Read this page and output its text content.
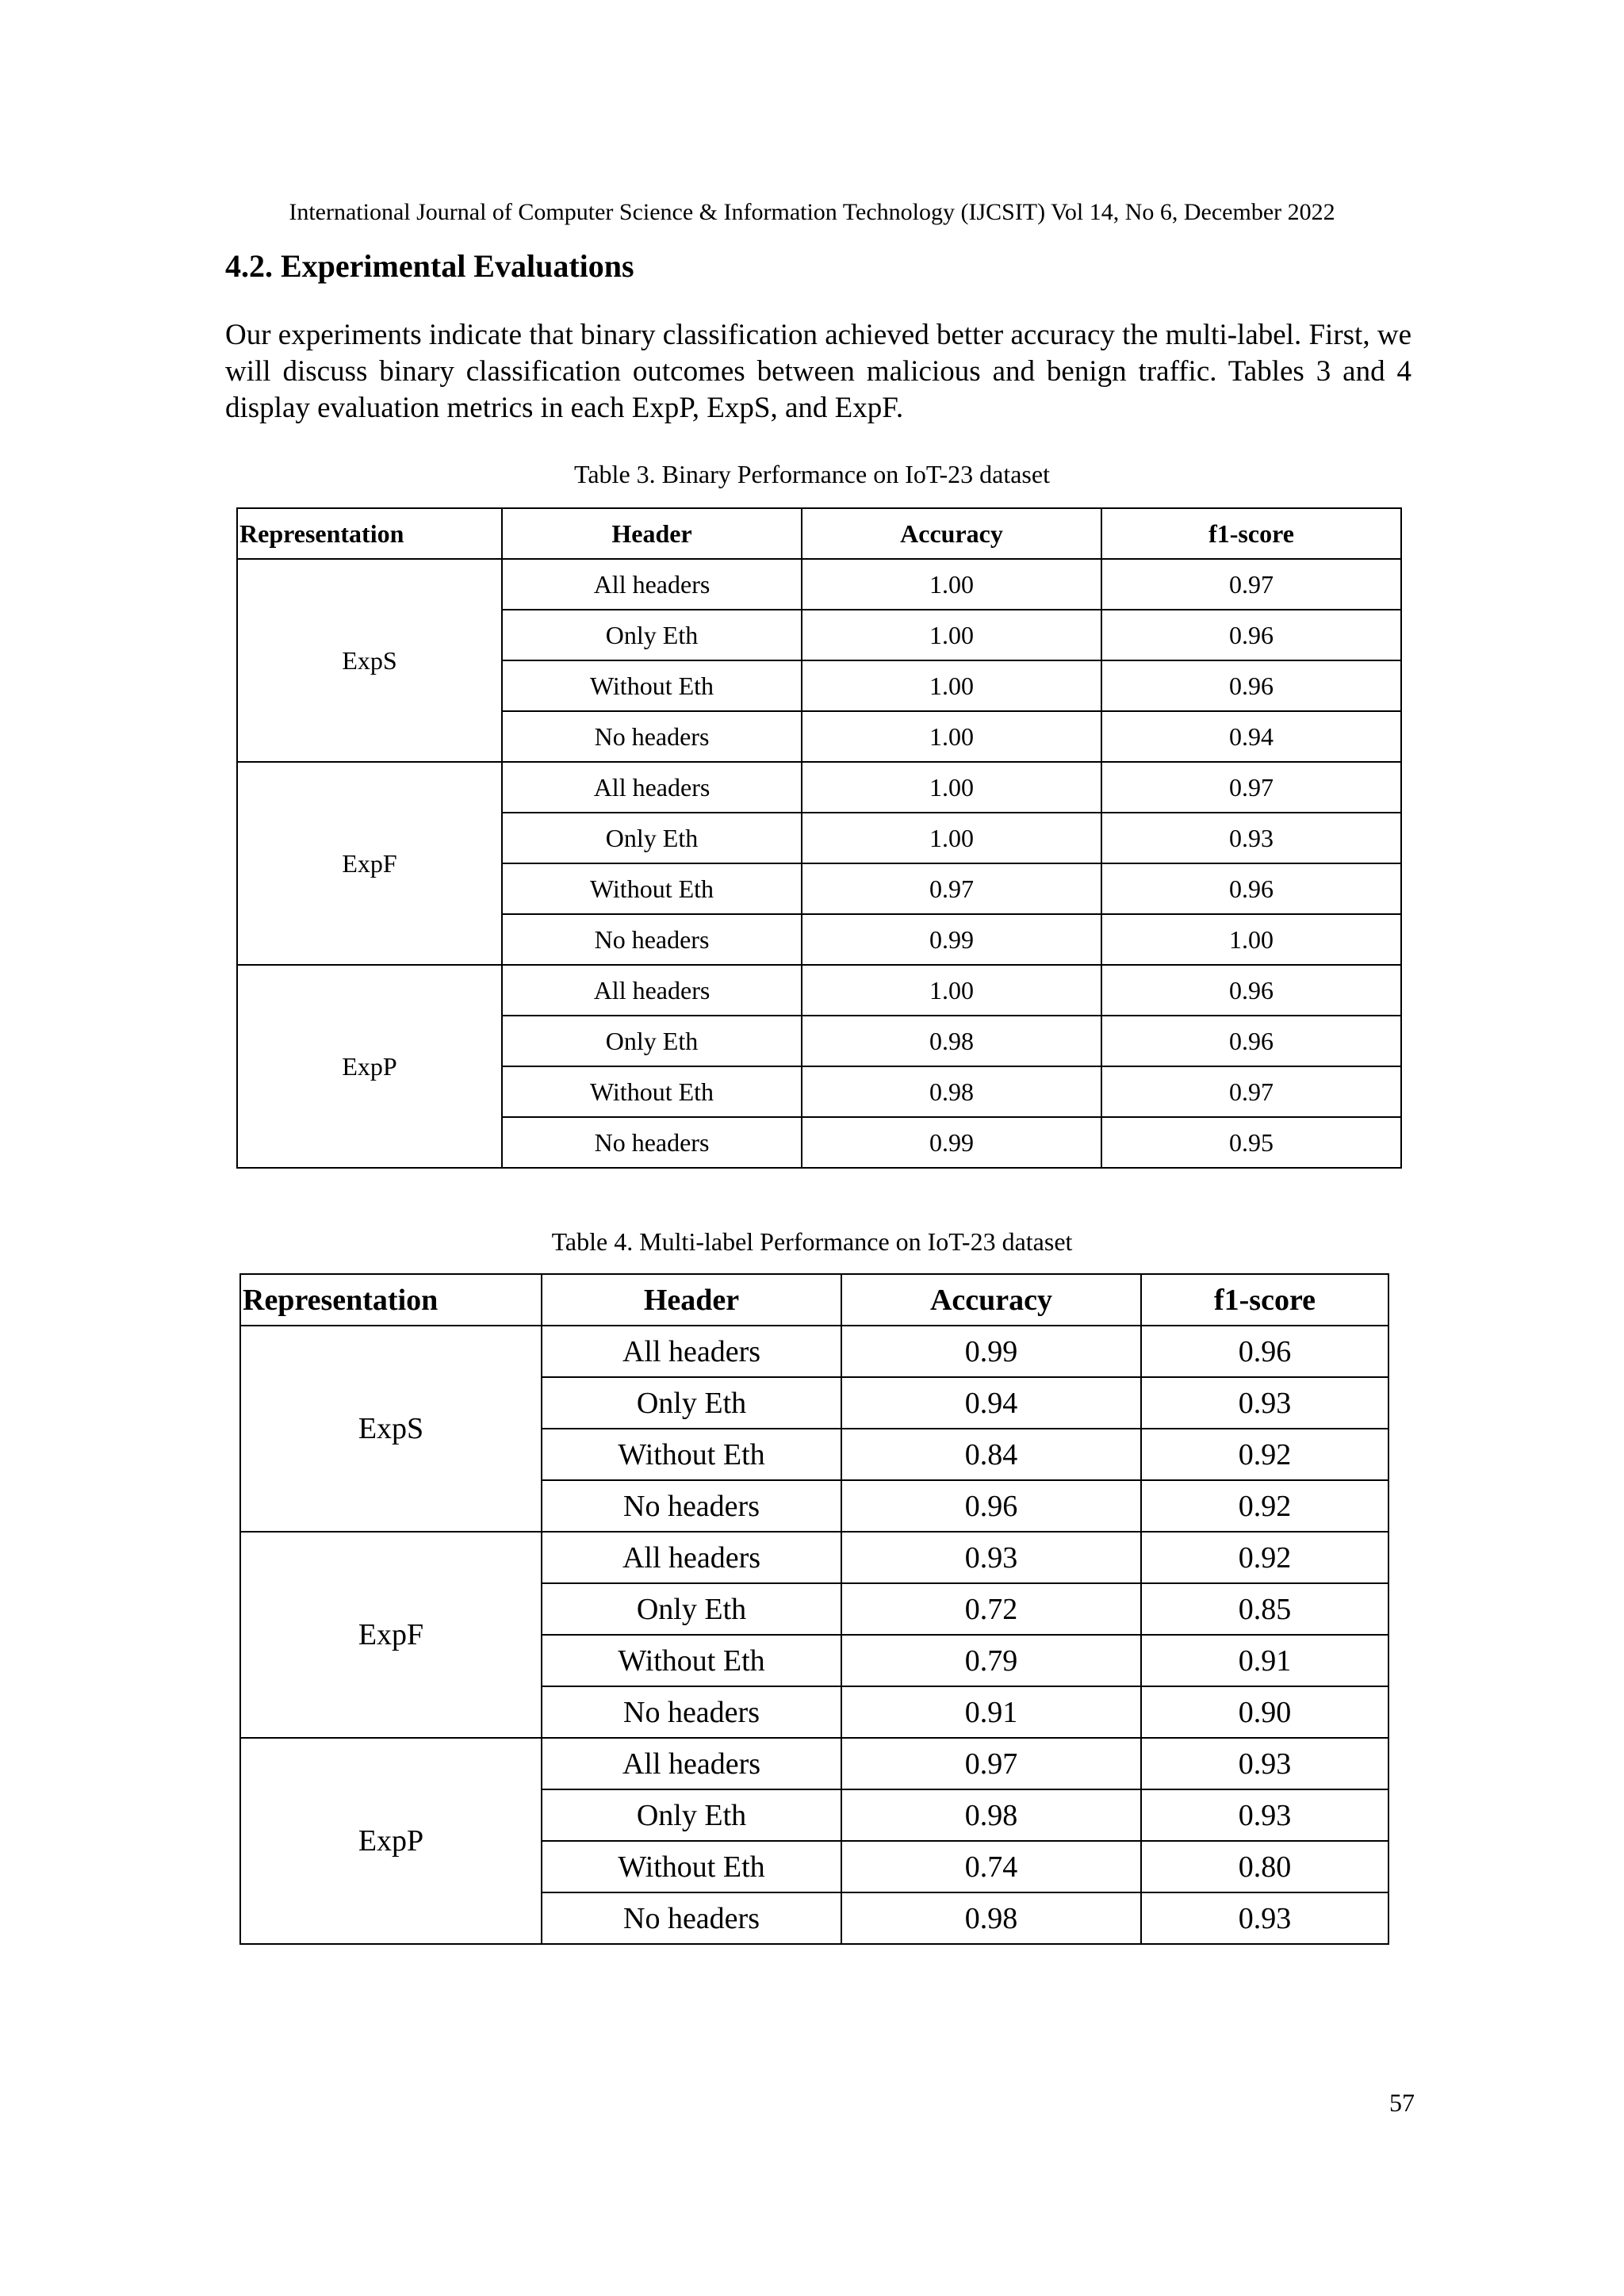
International Journal of Computer Science & Information Technology (IJCSIT) Vol 14, No 6, December 2022

4.2. Experimental Evaluations

Our experiments indicate that binary classification achieved better accuracy the multi-label. First, we will discuss binary classification outcomes between malicious and benign traffic. Tables 3 and 4 display evaluation metrics in each ExpP, ExpS, and ExpF.

Table 3. Binary Performance on IoT-23 dataset

Representation	Header	Accuracy	f1-score
ExpS	All headers	1.00	0.97
	Only Eth	1.00	0.96
	Without Eth	1.00	0.96
	No headers	1.00	0.94
ExpF	All headers	1.00	0.97
	Only Eth	1.00	0.93
	Without Eth	0.97	0.96
	No headers	0.99	1.00
ExpP	All headers	1.00	0.96
	Only Eth	0.98	0.96
	Without Eth	0.98	0.97
	No headers	0.99	0.95

Table 4. Multi-label Performance on IoT-23 dataset

Representation	Header	Accuracy	f1-score
ExpS	All headers	0.99	0.96
	Only Eth	0.94	0.93
	Without Eth	0.84	0.92
	No headers	0.96	0.92
ExpF	All headers	0.93	0.92
	Only Eth	0.72	0.85
	Without Eth	0.79	0.91
	No headers	0.91	0.90
ExpP	All headers	0.97	0.93
	Only Eth	0.98	0.93
	Without Eth	0.74	0.80
	No headers	0.98	0.93

57
